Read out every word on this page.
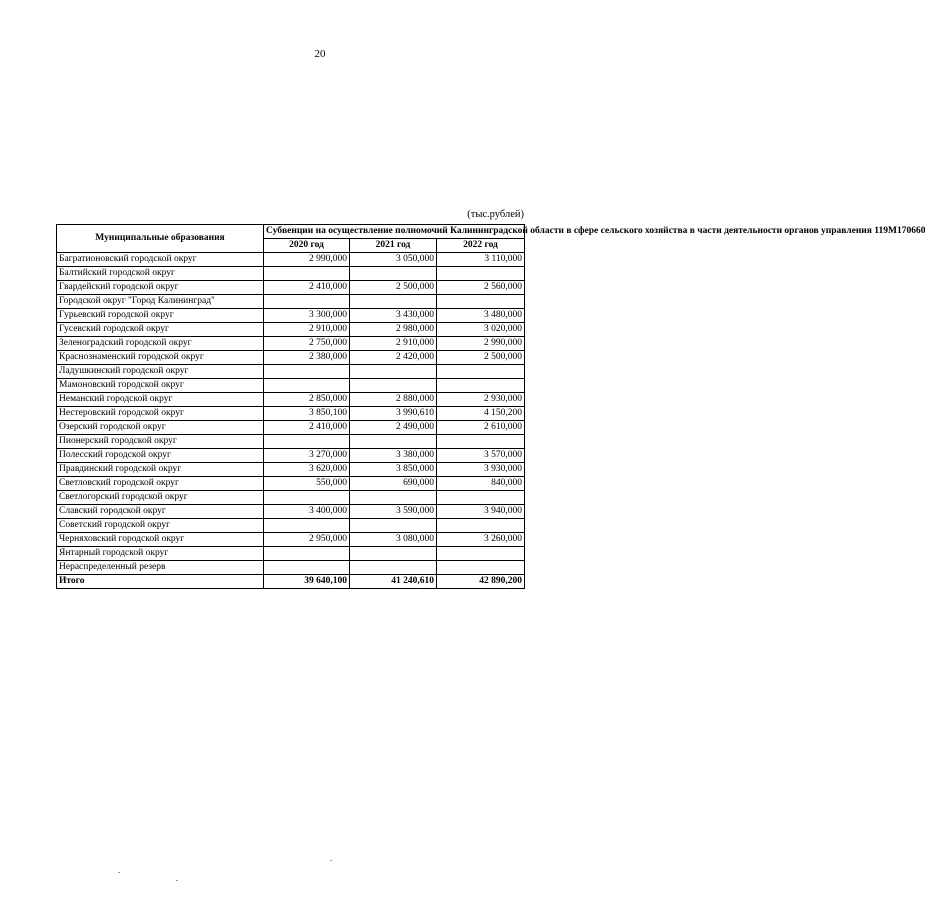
20
(тыс.рублей)
Муниципальные образования	Субвенции на осуществление полномочий Калининградской области в сфере сельского хозяйства в части деятельности органов управления 119М170660		
	2020 год	2021 год	2022 год
Багратионовский городской округ	2 990,000	3 050,000	3 110,000
Балтийский городской округ			
Гвардейский городской округ	2 410,000	2 500,000	2 560,000
Городской округ "Город Калининград"			
Гурьевский городской округ	3 300,000	3 430,000	3 480,000
Гусевский городской округ	2 910,000	2 980,000	3 020,000
Зеленоградский городской округ	2 750,000	2 910,000	2 990,000
Краснознаменский городской округ	2 380,000	2 420,000	2 500,000
Ладушкинский городской округ			
Мамоновский городской округ			
Неманский городской округ	2 850,000	2 880,000	2 930,000
Нестеровский городской округ	3 850,100	3 990,610	4 150,200
Озерский городской округ	2 410,000	2 490,000	2 610,000
Пионерский городской округ			
Полесский городской округ	3 270,000	3 380,000	3 570,000
Правдинский городской округ	3 620,000	3 850,000	3 930,000
Светловский городской округ	550,000	690,000	840,000
Светлогорский городской округ			
Славский городской округ	3 400,000	3 590,000	3 940,000
Советский городской округ			
Черняховский городской округ	2 950,000	3 080,000	3 260,000
Янтарный городской округ			
Нераспределенный резерв			
Итого	39 640,100	41 240,610	42 890,200
